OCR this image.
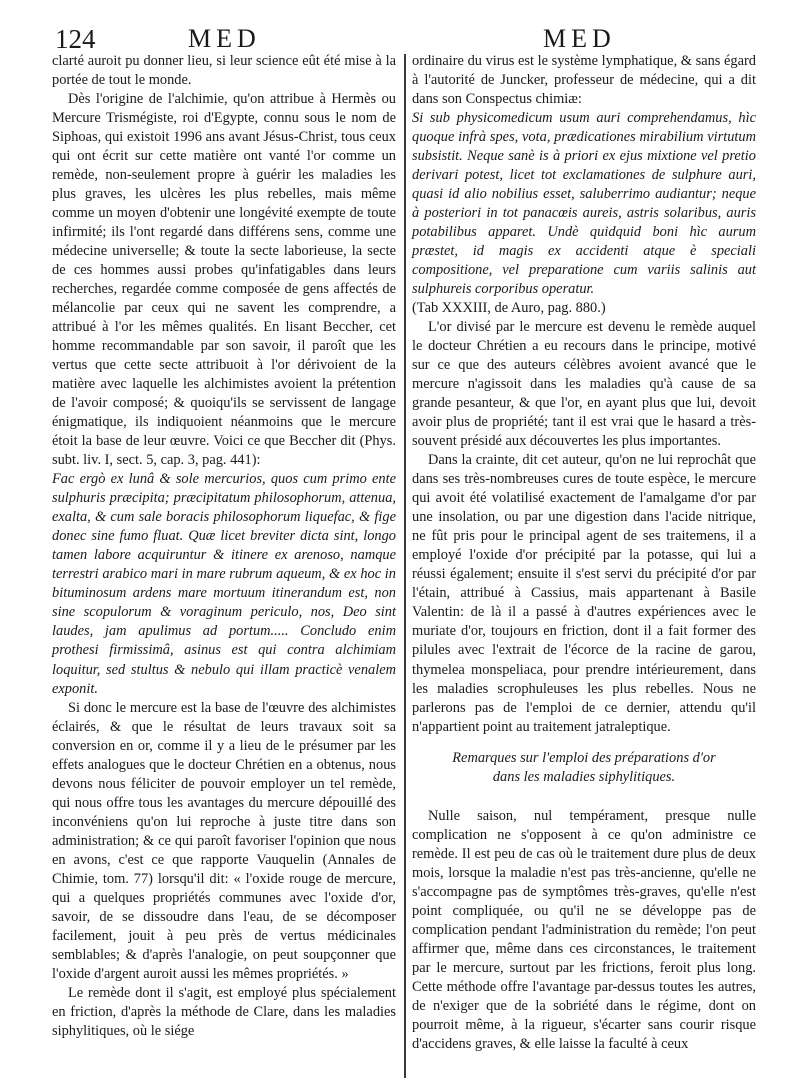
124	MED	MED

clarté auroit pu donner lieu, si leur science eût été mise à la portée de tout le monde.

Dès l'origine de l'alchimie, qu'on attribue à Hermès ou Mercure Trismégiste, roi d'Egypte, connu sous le nom de Siphoas, qui existoit 1996 ans avant Jésus-Christ, tous ceux qui ont écrit sur cette matière ont vanté l'or comme un remède, non-seulement propre à guérir les maladies les plus graves, les ulcères les plus rebelles, mais même comme un moyen d'obtenir une longévité exempte de toute infirmité; ils l'ont regardé dans différens sens, comme une médecine universelle; & toute la secte laborieuse, la secte de ces hommes aussi probes qu'infatigables dans leurs recherches, regardée comme composée de gens affectés de mélancolie par ceux qui ne savent les comprendre, a attribué à l'or les mêmes qualités. En lisant Beccher, cet homme recommandable par son savoir, il paroît que les vertus que cette secte attribuoit à l'or dérivoient de la matière avec laquelle les alchimistes avoient la prétention de l'avoir composé; & quoiqu'ils se servissent de langage énigmatique, ils indiquoient néanmoins que le mercure étoit la base de leur œuvre. Voici ce que Beccher dit (Phys. subt. liv. I, sect. 5, cap. 3, pag. 441):

Fac ergò ex lunâ & sole mercurios, quos cum primo ente sulphuris præcipita; præcipitatum philosophorum, attenua, exalta, & cum sale boracis philosophorum liquefac, & fige donec sine fumo fluat. Quæ licet breviter dicta sint, longo tamen labore acquiruntur & itinere ex arenoso, namque terrestri arabico mari in mare rubrum aqueum, & ex hoc in bituminosum ardens mare mortuum itinerandum est, non sine scopulorum & voraginum periculo, nos, Deo sint laudes, jam apulimus ad portum..... Concludo enim prothesi firmissimâ, asinus est qui contra alchimiam loquitur, sed stultus & nebulo qui illam practicè venalem exponit.

Si donc le mercure est la base de l'œuvre des alchimistes éclairés, & que le résultat de leurs travaux soit sa conversion en or, comme il y a lieu de le présumer par les effets analogues que le docteur Chrétien en a obtenus, nous devons nous féliciter de pouvoir employer un tel remède, qui nous offre tous les avantages du mercure dépouillé des inconvéniens qu'on lui reproche à juste titre dans son administration; & ce qui paroît favoriser l'opinion que nous en avons, c'est ce que rapporte Vauquelin (Annales de Chimie, tom. 77) lorsqu'il dit: « l'oxide rouge de mercure, qui a quelques propriétés communes avec l'oxide d'or, savoir, de se dissoudre dans l'eau, de se décomposer facilement, jouit à peu près de vertus médicinales semblables; & d'après l'analogie, on peut soupçonner que l'oxide d'argent auroit aussi les mêmes propriétés. »

Le remède dont il s'agit, est employé plus spécialement en friction, d'après la méthode de Clare, dans les maladies siphylitiques, où le siége

ordinaire du virus est le système lymphatique, & sans égard à l'autorité de Juncker, professeur de médecine, qui a dit dans son Conspectus chimiæ:

Si sub physicomedicum usum auri comprehendamus, hìc quoque infrà spes, vota, prædicationes mirabilium virtutum subsistit. Neque sanè is à priori ex ejus mixtione vel pretio derivari potest, licet tot exclamationes de sulphure auri, quasi id alio nobilius esset, saluberrimo audiantur; neque à posteriori in tot panacœis aureis, astris solaribus, auris potabilibus apparet. Undè quidquid boni hìc aurum præstet, id magis ex accidenti atque è speciali compositione, vel preparatione cum variis salinis aut sulphureis corporibus operatur.

(Tab XXXIII, de Auro, pag. 880.)

L'or divisé par le mercure est devenu le remède auquel le docteur Chrétien a eu recours dans le principe, motivé sur ce que des auteurs célèbres avoient avancé que le mercure n'agissoit dans les maladies qu'à cause de sa grande pesanteur, & que l'or, en ayant plus que lui, devoit avoir plus de propriété; tant il est vrai que le hasard a très-souvent présidé aux découvertes les plus importantes.

Dans la crainte, dit cet auteur, qu'on ne lui reprochât que dans ses très-nombreuses cures de toute espèce, le mercure qui avoit été volatilisé exactement de l'amalgame d'or par une insolation, ou par une digestion dans l'acide nitrique, ne fût pris pour le principal agent de ses traitemens, il a employé l'oxide d'or précipité par la potasse, qui lui a réussi également; ensuite il s'est servi du précipité d'or par l'étain, attribué à Cassius, mais appartenant à Basile Valentin: de là il a passé à d'autres expériences avec le muriate d'or, toujours en friction, dont il a fait former des pilules avec l'extrait de l'écorce de la racine de garou, thymelea monspeliaca, pour prendre intérieurement, dans les maladies scrophuleuses les plus rebelles. Nous ne parlerons pas de l'emploi de ce dernier, attendu qu'il n'appartient point au traitement jatraleptique.

Remarques sur l'emploi des préparations d'or
dans les maladies siphylitiques.

Nulle saison, nul tempérament, presque nulle complication ne s'opposent à ce qu'on administre ce remède. Il est peu de cas où le traitement dure plus de deux mois, lorsque la maladie n'est pas très-ancienne, qu'elle ne s'accompagne pas de symptômes très-graves, qu'elle n'est point compliquée, ou qu'il ne se développe pas de complication pendant l'administration du remède; l'on peut affirmer que, même dans ces circonstances, le traitement par le mercure, surtout par les frictions, feroit plus long. Cette méthode offre l'avantage par-dessus toutes les autres, de n'exiger que de la sobriété dans le régime, dont on pourroit même, à la rigueur, s'écarter sans courir risque d'accidens graves, & elle laisse la faculté à ceux
